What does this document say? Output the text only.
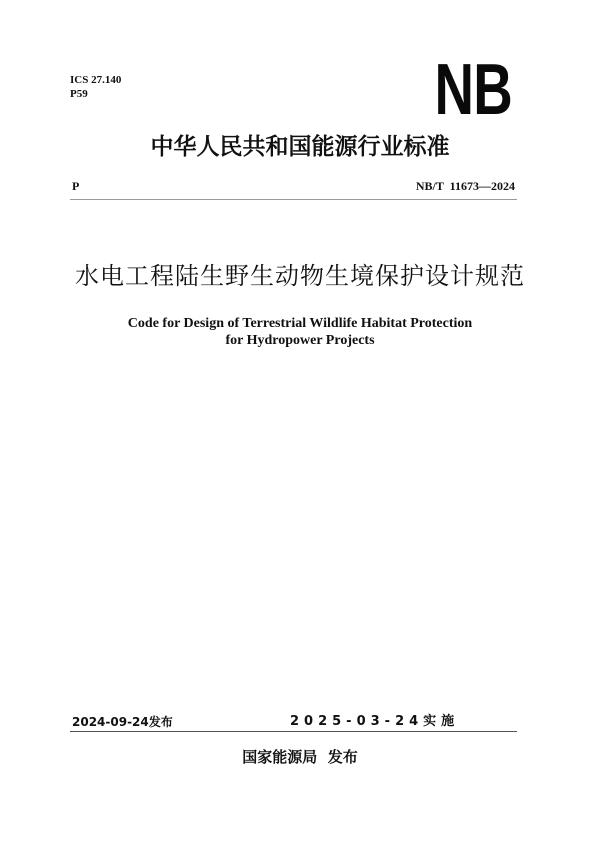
ICS 27.140
P59	NB
中华人民共和国能源行业标准
P	NB/T  11673—2024
水电工程陆生野生动物生境保护设计规范
Code for Design of Terrestrial Wildlife Habitat Protection
for Hydropower Projects
2024-09-24发布	2025-03-24实施
国家能源局  发布
